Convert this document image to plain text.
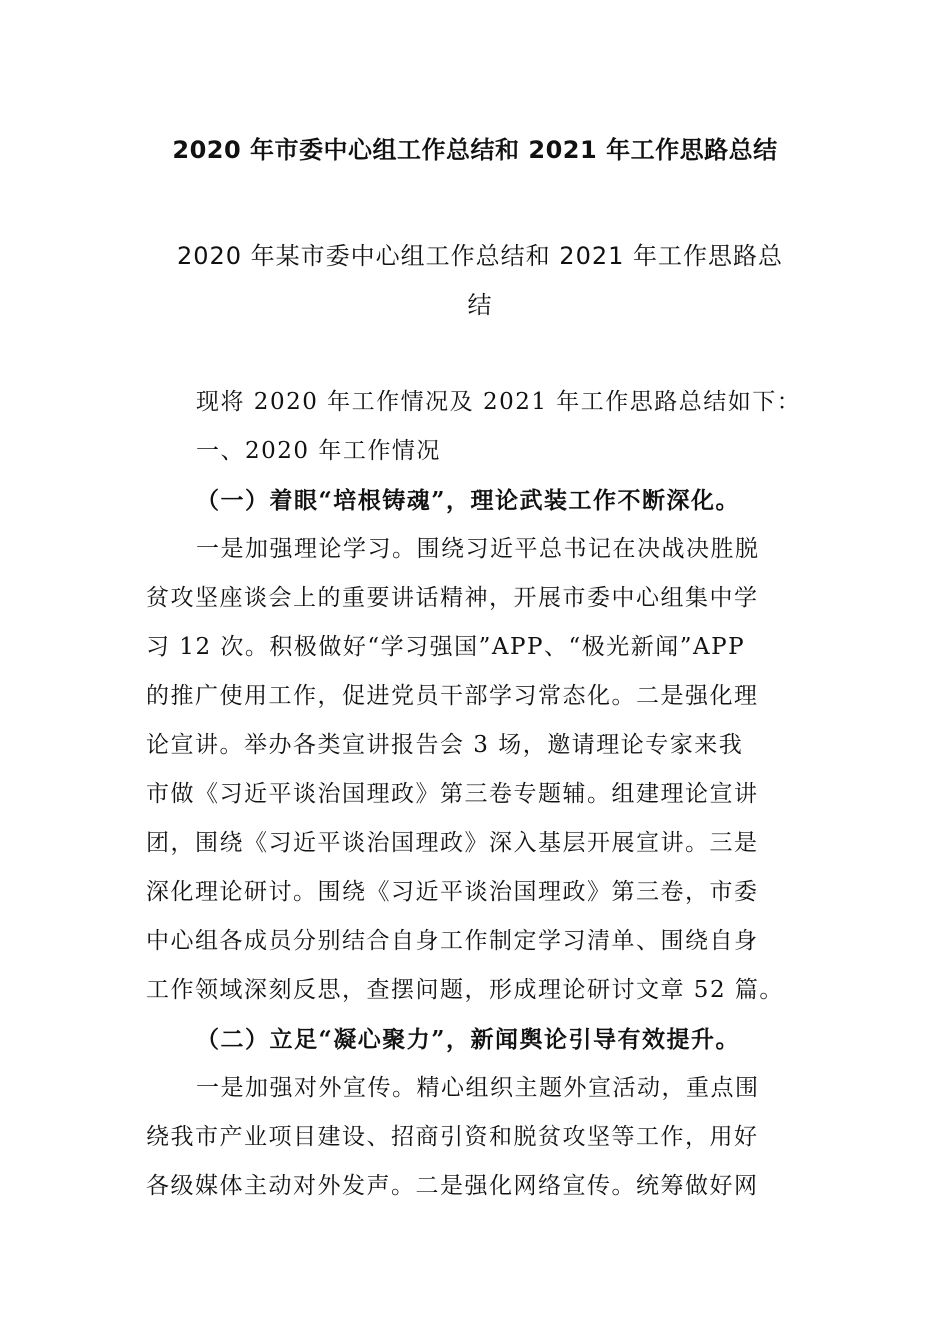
2020 年市委中心组工作总结和 2021 年工作思路总结
2020 年某市委中心组工作总结和 2021 年工作思路总
结
现将 2020 年工作情况及 2021 年工作思路总结如下：
一、2020 年工作情况
（一）着眼“培根铸魂”，理论武装工作不断深化。
一是加强理论学习。围绕习近平总书记在决战决胜脱
贫攻坚座谈会上的重要讲话精神，开展市委中心组集中学
习 12 次。积极做好“学习强国”APP、“极光新闻”APP
的推广使用工作，促进党员干部学习常态化。二是强化理
论宣讲。举办各类宣讲报告会 3 场，邀请理论专家来我
市做《习近平谈治国理政》第三卷专题辅。组建理论宣讲
团，围绕《习近平谈治国理政》深入基层开展宣讲。三是
深化理论研讨。围绕《习近平谈治国理政》第三卷，市委
中心组各成员分别结合自身工作制定学习清单、围绕自身
工作领域深刻反思，查摆问题，形成理论研讨文章 52 篇。
（二）立足“凝心聚力”，新闻舆论引导有效提升。
一是加强对外宣传。精心组织主题外宣活动，重点围
绕我市产业项目建设、招商引资和脱贫攻坚等工作，用好
各级媒体主动对外发声。二是强化网络宣传。统筹做好网
